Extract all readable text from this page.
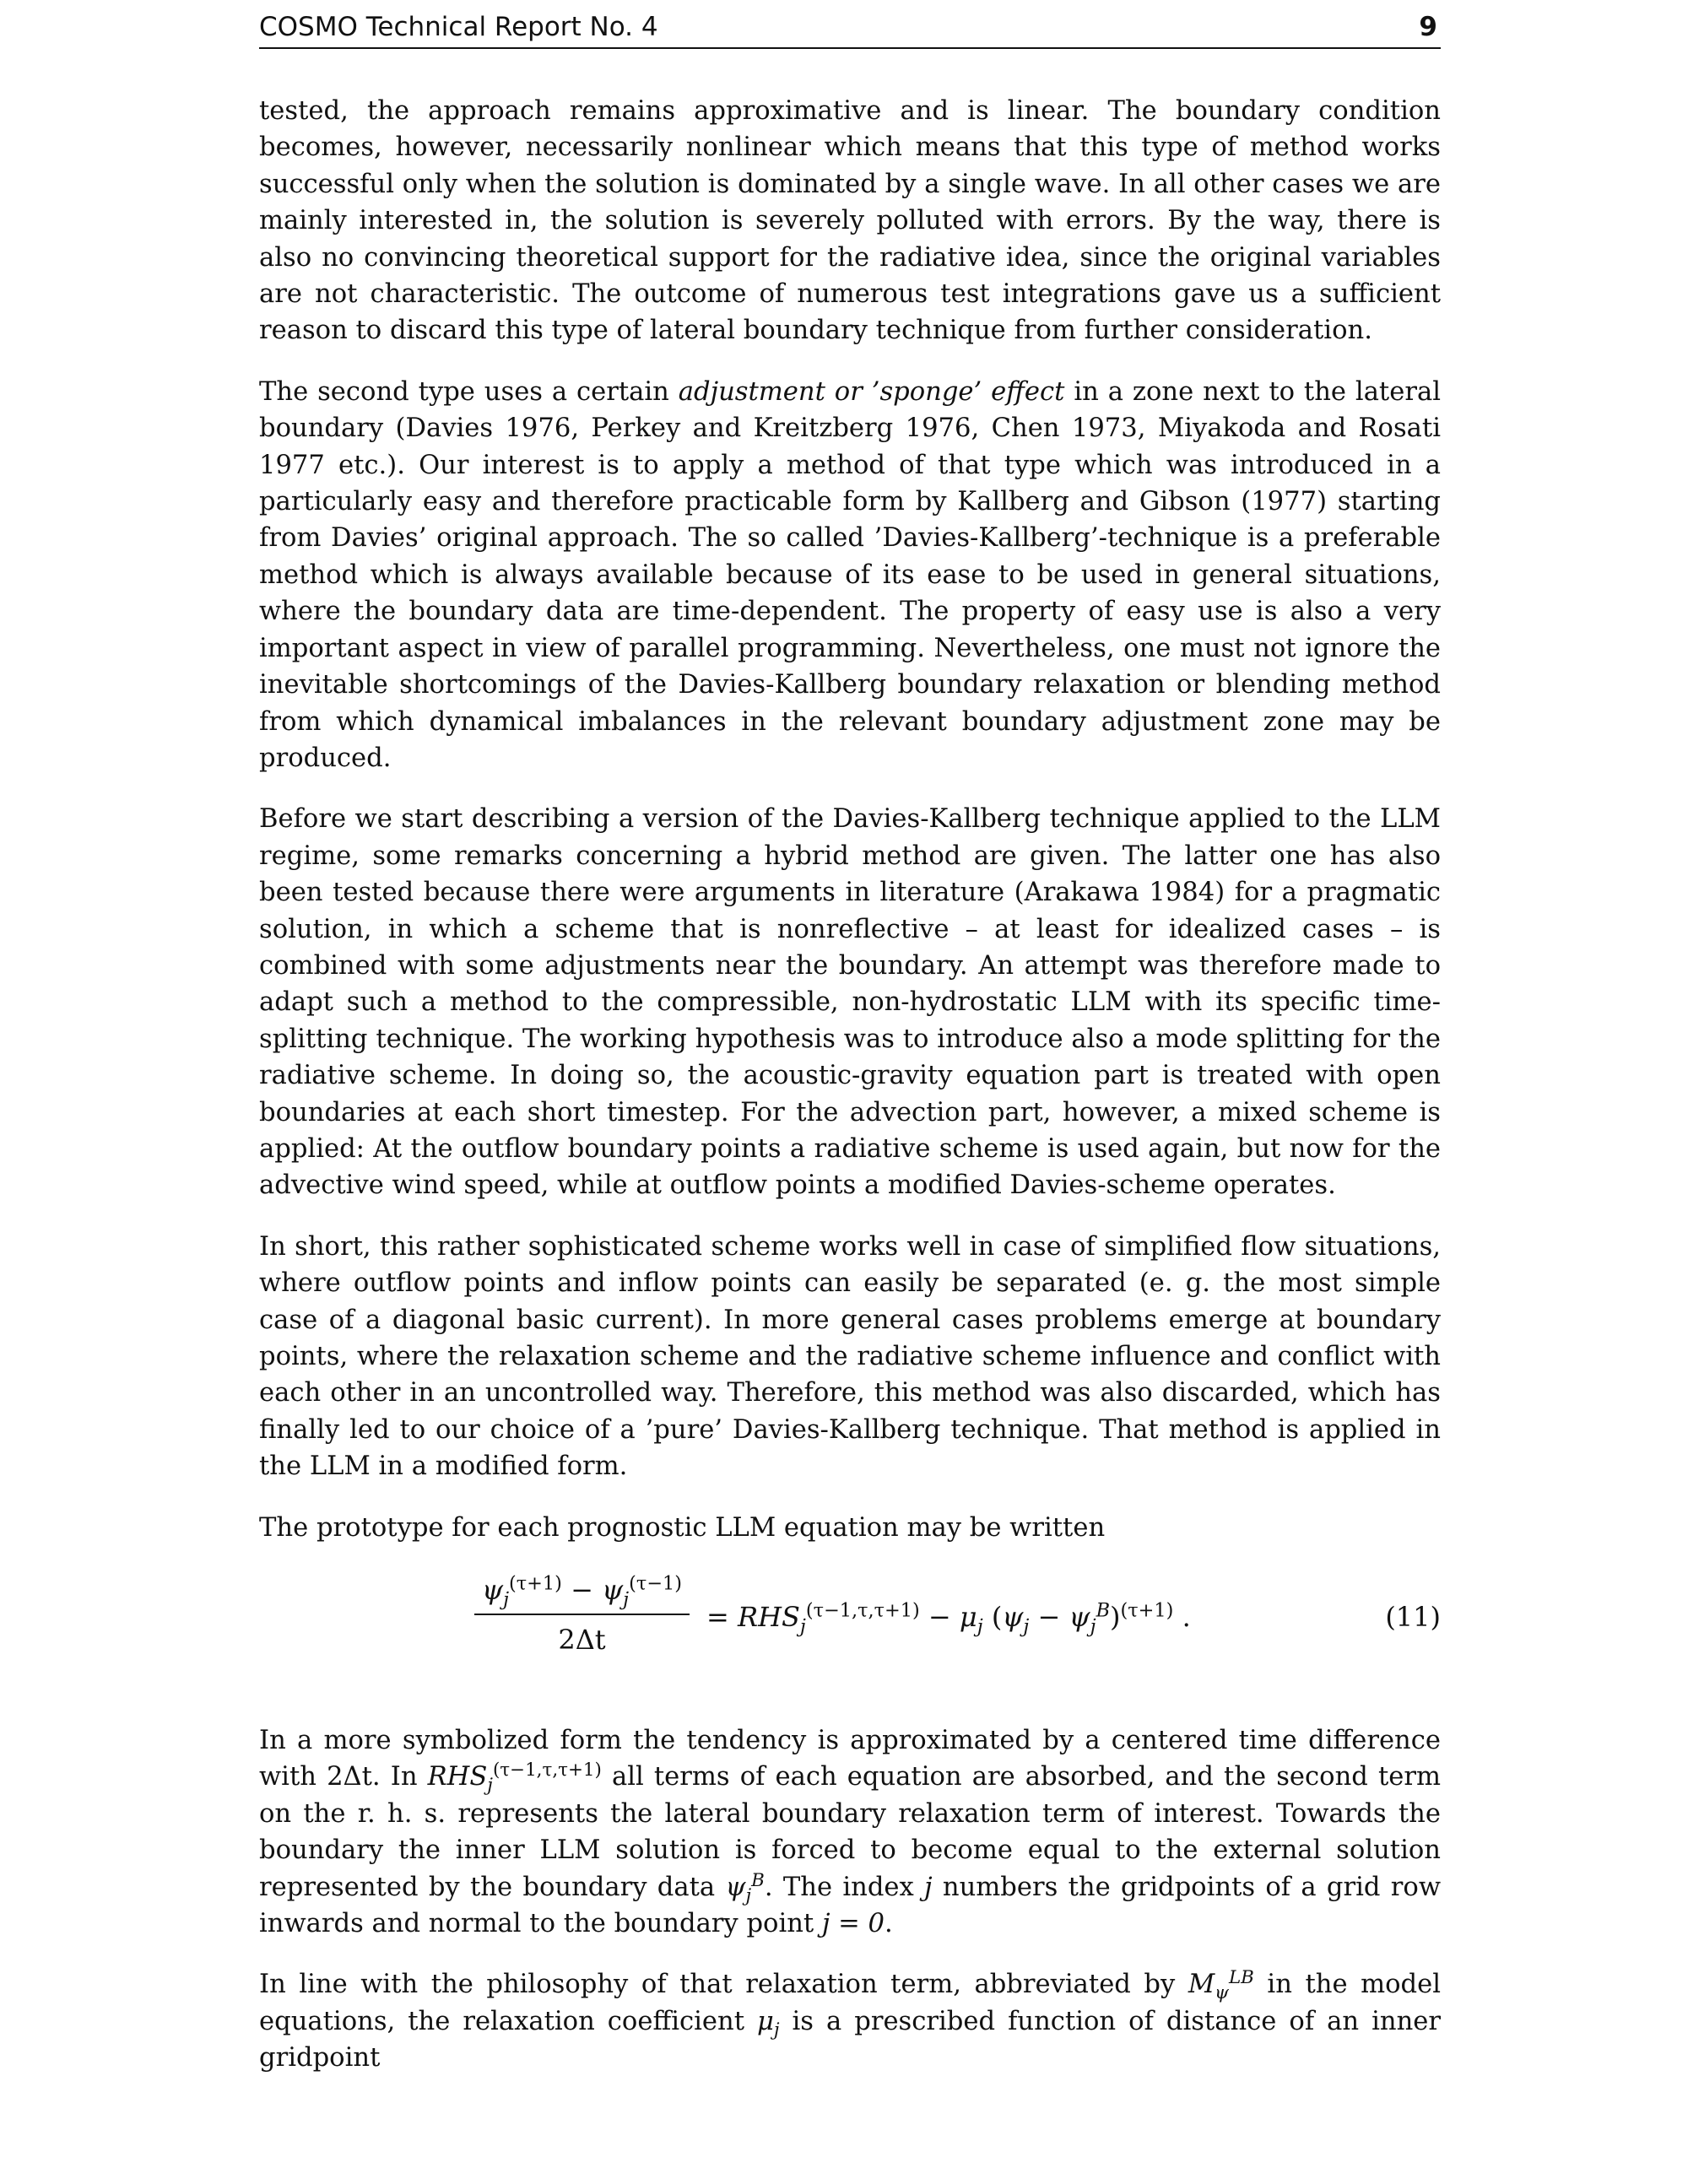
COSMO Technical Report No. 4	9

tested, the approach remains approximative and is linear. The boundary condition becomes, however, necessarily nonlinear which means that this type of method works successful only when the solution is dominated by a single wave. In all other cases we are mainly interested in, the solution is severely polluted with errors. By the way, there is also no convincing theoretical support for the radiative idea, since the original variables are not characteristic. The outcome of numerous test integrations gave us a sufficient reason to discard this type of lateral boundary technique from further consideration.

The second type uses a certain adjustment or ’sponge’ effect in a zone next to the lateral boundary (Davies 1976, Perkey and Kreitzberg 1976, Chen 1973, Miyakoda and Rosati 1977 etc.). Our interest is to apply a method of that type which was introduced in a particularly easy and therefore practicable form by Kallberg and Gibson (1977) starting from Davies’ original approach. The so called ’Davies-Kallberg’-technique is a preferable method which is always available because of its ease to be used in general situations, where the boundary data are time-dependent. The property of easy use is also a very important aspect in view of parallel programming. Nevertheless, one must not ignore the inevitable shortcomings of the Davies-Kallberg boundary relaxation or blending method from which dynamical imbalances in the relevant boundary adjustment zone may be produced.

Before we start describing a version of the Davies-Kallberg technique applied to the LLM regime, some remarks concerning a hybrid method are given. The latter one has also been tested because there were arguments in literature (Arakawa 1984) for a pragmatic solution, in which a scheme that is nonreflective – at least for idealized cases – is combined with some adjustments near the boundary. An attempt was therefore made to adapt such a method to the compressible, non-hydrostatic LLM with its specific time-splitting technique. The working hypothesis was to introduce also a mode splitting for the radiative scheme. In doing so, the acoustic-gravity equation part is treated with open boundaries at each short timestep. For the advection part, however, a mixed scheme is applied: At the outflow boundary points a radiative scheme is used again, but now for the advective wind speed, while at outflow points a modified Davies-scheme operates.

In short, this rather sophisticated scheme works well in case of simplified flow situations, where outflow points and inflow points can easily be separated (e. g. the most simple case of a diagonal basic current). In more general cases problems emerge at boundary points, where the relaxation scheme and the radiative scheme influence and conflict with each other in an uncontrolled way. Therefore, this method was also discarded, which has finally led to our choice of a ’pure’ Davies-Kallberg technique. That method is applied in the LLM in a modified form.

The prototype for each prognostic LLM equation may be written

$\frac{\psi_j^{(\tau+1)} - \psi_j^{(\tau-1)}}{2\Delta t} = RHS_j^{(\tau-1,\tau,\tau+1)} - \mu_j$ $(\psi_j - \psi_j^B)^{(\tau+1)}$ .	(11)

In a more symbolized form the tendency is approximated by a centered time difference with 2Δt. In $RHS_j^{(\tau-1,\tau,\tau+1)}$ all terms of each equation are absorbed, and the second term on the r. h. s. represents the lateral boundary relaxation term of interest. Towards the boundary the inner LLM solution is forced to become equal to the external solution represented by the boundary data $\psi_j^B$. The index j numbers the gridpoints of a grid row inwards and normal to the boundary point j = 0.

In line with the philosophy of that relaxation term, abbreviated by $M_\psi^{LB}$ in the model equations, the relaxation coefficient $\mu_j$ is a prescribed function of distance of an inner gridpoint
